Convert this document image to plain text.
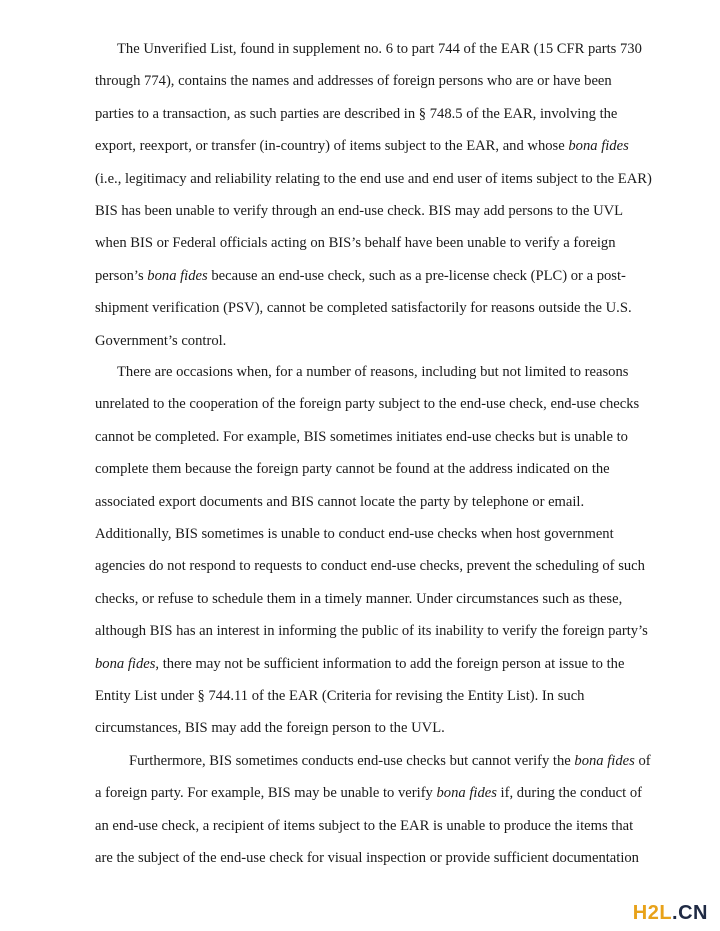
The Unverified List, found in supplement no. 6 to part 744 of the EAR (15 CFR parts 730
through 774), contains the names and addresses of foreign persons who are or have been
parties to a transaction, as such parties are described in § 748.5 of the EAR, involving the
export, reexport, or transfer (in-country) of items subject to the EAR, and whose bona fides
(i.e., legitimacy and reliability relating to the end use and end user of items subject to the EAR)
BIS has been unable to verify through an end-use check. BIS may add persons to the UVL
when BIS or Federal officials acting on BIS’s behalf have been unable to verify a foreign
person’s bona fides because an end-use check, such as a pre-license check (PLC) or a post-
shipment verification (PSV), cannot be completed satisfactorily for reasons outside the U.S.
Government’s control.
There are occasions when, for a number of reasons, including but not limited to reasons
unrelated to the cooperation of the foreign party subject to the end-use check, end-use checks
cannot be completed. For example, BIS sometimes initiates end-use checks but is unable to
complete them because the foreign party cannot be found at the address indicated on the
associated export documents and BIS cannot locate the party by telephone or email.
Additionally, BIS sometimes is unable to conduct end-use checks when host government
agencies do not respond to requests to conduct end-use checks, prevent the scheduling of such
checks, or refuse to schedule them in a timely manner. Under circumstances such as these,
although BIS has an interest in informing the public of its inability to verify the foreign party’s
bona fides, there may not be sufficient information to add the foreign person at issue to the
Entity List under § 744.11 of the EAR (Criteria for revising the Entity List). In such
circumstances, BIS may add the foreign person to the UVL.
Furthermore, BIS sometimes conducts end-use checks but cannot verify the bona fides of
a foreign party. For example, BIS may be unable to verify bona fides if, during the conduct of
an end-use check, a recipient of items subject to the EAR is unable to produce the items that
are the subject of the end-use check for visual inspection or provide sufficient documentation
H2L.CN
